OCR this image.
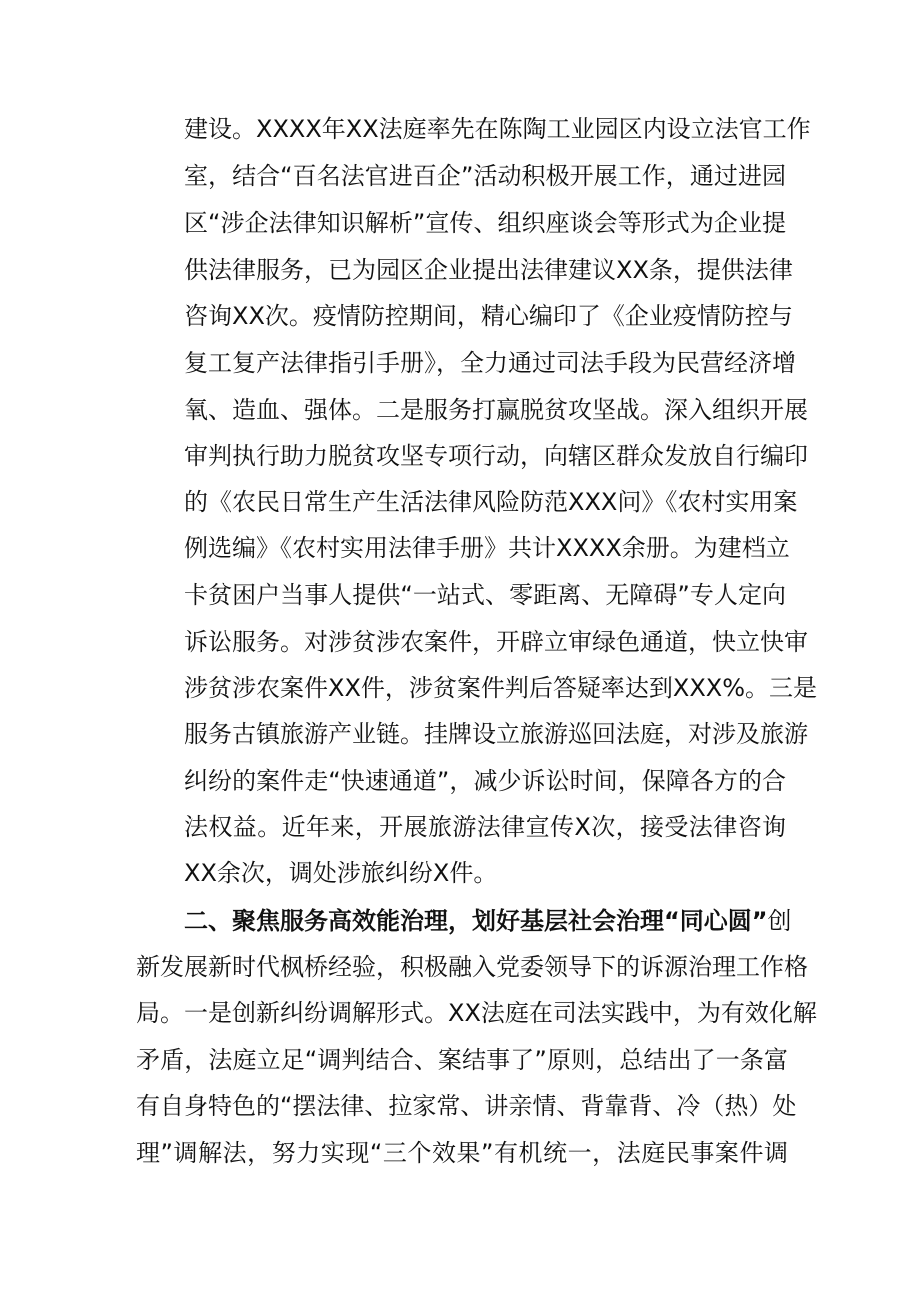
建设。XXXX年XX法庭率先在陈陶工业园区内设立法官工作
室，结合“百名法官进百企”活动积极开展工作，通过进园
区“涉企法律知识解析”宣传、组织座谈会等形式为企业提
供法律服务，已为园区企业提出法律建议XX条，提供法律
咨询XX次。疫情防控期间，精心编印了《企业疫情防控与
复工复产法律指引手册》，全力通过司法手段为民营经济增
氧、造血、强体。二是服务打赢脱贫攻坚战。深入组织开展
审判执行助力脱贫攻坚专项行动，向辖区群众发放自行编印
的《农民日常生产生活法律风险防范XXX问》《农村实用案
例选编》《农村实用法律手册》共计XXXX余册。为建档立
卡贫困户当事人提供“一站式、零距离、无障碍”专人定向
诉讼服务。对涉贫涉农案件，开辟立审绿色通道，快立快审
涉贫涉农案件XX件，涉贫案件判后答疑率达到XXX%。三是
服务古镇旅游产业链。挂牌设立旅游巡回法庭，对涉及旅游
纠纷的案件走“快速通道”，减少诉讼时间，保障各方的合
法权益。近年来，开展旅游法律宣传X次，接受法律咨询
XX余次，调处涉旅纠纷X件。
二、聚焦服务高效能治理，划好基层社会治理“同心圆”创
新发展新时代枫桥经验，积极融入党委领导下的诉源治理工作格
局。一是创新纠纷调解形式。XX法庭在司法实践中，为有效化解
矛盾，法庭立足“调判结合、案结事了”原则，总结出了一条富
有自身特色的“摆法律、拉家常、讲亲情、背靠背、冷（热）处
理”调解法，努力实现“三个效果”有机统一，法庭民事案件调
